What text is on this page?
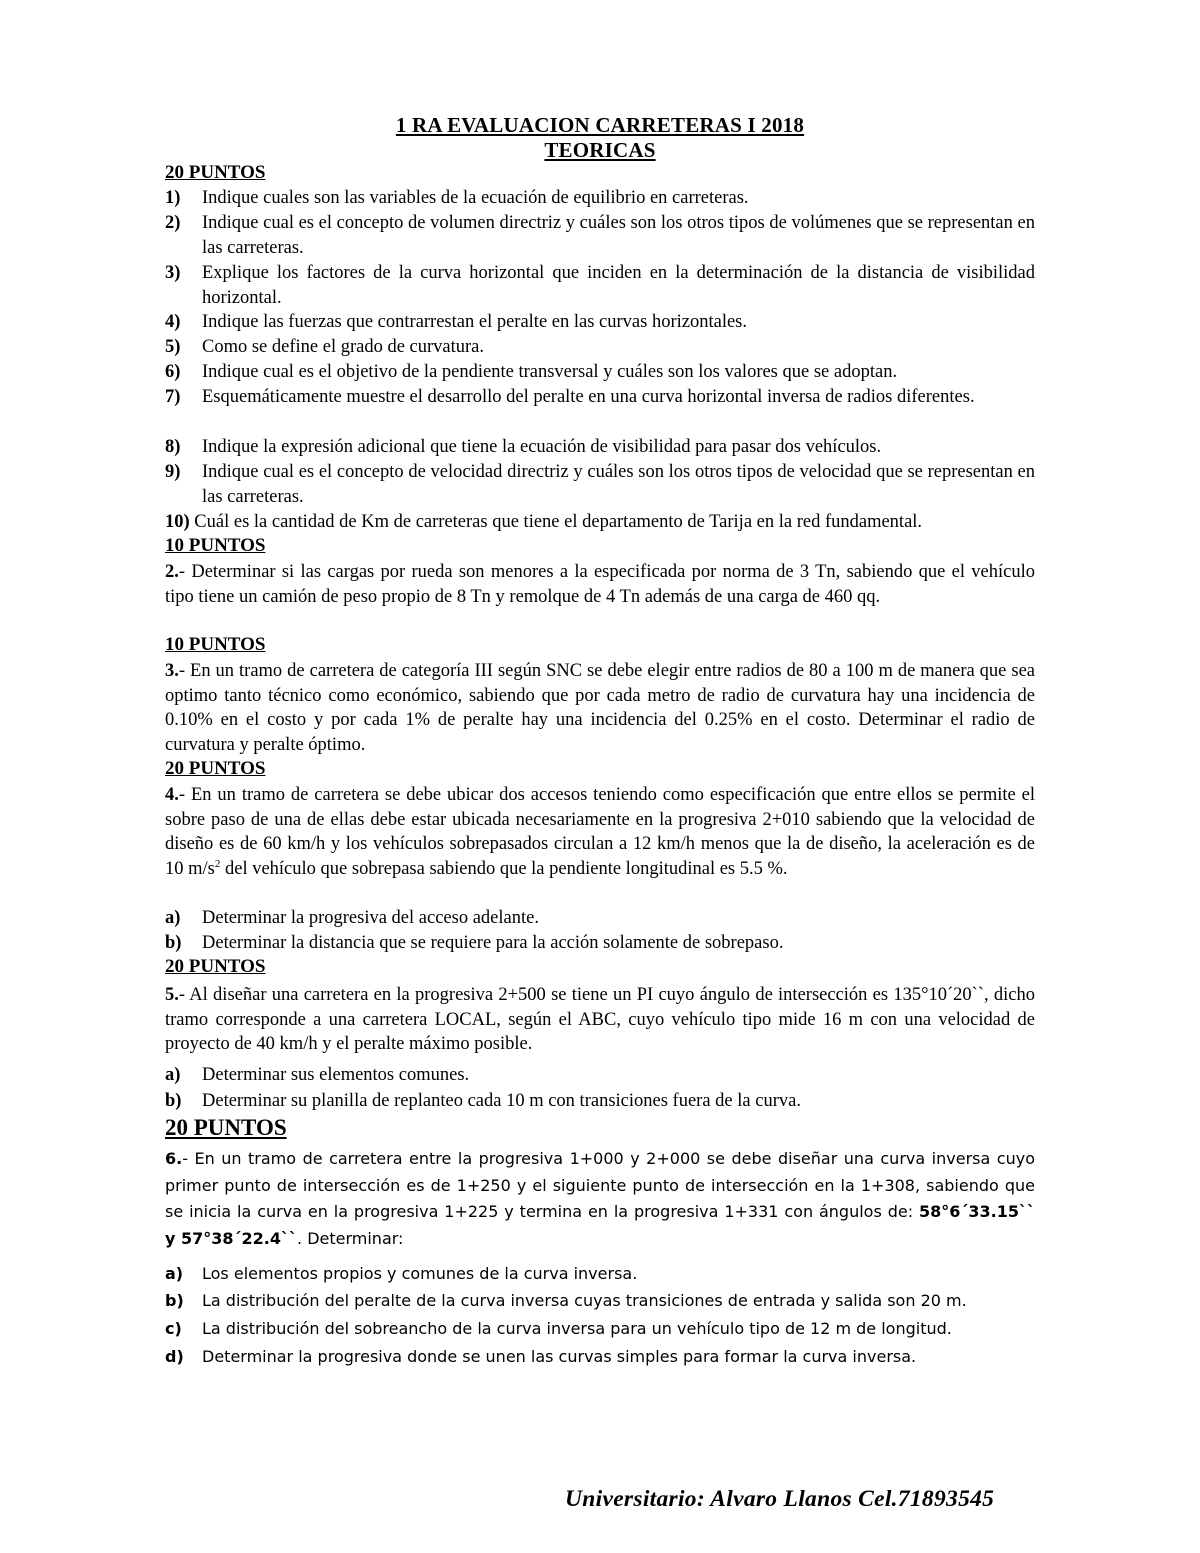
1 RA EVALUACION CARRETERAS I 2018
TEORICAS
20 PUNTOS
1) Indique cuales son las variables de la ecuación de equilibrio en carreteras.
2) Indique cual es el concepto de volumen directriz y cuáles son los otros tipos de volúmenes que se representan en las carreteras.
3) Explique los factores de la curva horizontal que inciden en la determinación de la distancia de visibilidad horizontal.
4) Indique las fuerzas que contrarrestan el peralte en las curvas horizontales.
5) Como se define el grado de curvatura.
6) Indique cual es el objetivo de la pendiente transversal y cuáles son los valores que se adoptan.
7) Esquemáticamente muestre el desarrollo del peralte en una curva horizontal inversa de radios diferentes.
8) Indique la expresión adicional que tiene la ecuación de visibilidad para pasar dos vehículos.
9) Indique cual es el concepto de velocidad directriz y cuáles son los otros tipos de velocidad que se representan en las carreteras.
10) Cuál es la cantidad de Km de carreteras que tiene el departamento de Tarija en la red fundamental.
10 PUNTOS
2.- Determinar si las cargas por rueda son menores a la especificada por norma de 3 Tn, sabiendo que el vehículo tipo tiene un camión de peso propio de 8 Tn y remolque de 4 Tn además de una carga de 460 qq.
10 PUNTOS
3.- En un tramo de carretera de categoría III según SNC se debe elegir entre radios de 80 a 100 m de manera que sea optimo tanto técnico como económico, sabiendo que por cada metro de radio de curvatura hay una incidencia de 0.10% en el costo y por cada 1% de peralte hay una incidencia del 0.25% en el costo. Determinar el radio de curvatura y peralte óptimo.
20 PUNTOS
4.- En un tramo de carretera se debe ubicar dos accesos teniendo como especificación que entre ellos se permite el sobre paso de una de ellas debe estar ubicada necesariamente en la progresiva 2+010 sabiendo que la velocidad de diseño es de 60 km/h y los vehículos sobrepasados circulan a 12 km/h menos que la de diseño, la aceleración es de 10 $m/s^2$ del vehículo que sobrepasa sabiendo que la pendiente longitudinal es 5.5 %.
a) Determinar la progresiva del acceso adelante.
b) Determinar la distancia que se requiere para la acción solamente de sobrepaso.
20 PUNTOS
5.- Al diseñar una carretera en la progresiva 2+500 se tiene un PI cuyo ángulo de intersección es 135°10´20``, dicho tramo corresponde a una carretera LOCAL, según el ABC, cuyo vehículo tipo mide 16 m con una velocidad de proyecto de 40 km/h y el peralte máximo posible.
a) Determinar sus elementos comunes.
b) Determinar su planilla de replanteo cada 10 m con transiciones fuera de la curva.
20 PUNTOS
6.- En un tramo de carretera entre la progresiva 1+000 y 2+000 se debe diseñar una curva inversa cuyo primer punto de intersección es de 1+250 y el siguiente punto de intersección en la 1+308, sabiendo que se inicia la curva en la progresiva 1+225 y termina en la progresiva 1+331 con ángulos de: 58°6´33.15`` y 57°38´22.4``. Determinar:
a) Los elementos propios y comunes de la curva inversa.
b) La distribución del peralte de la curva inversa cuyas transiciones de entrada y salida son 20 m.
c) La distribución del sobreancho de la curva inversa para un vehículo tipo de 12 m de longitud.
d) Determinar la progresiva donde se unen las curvas simples para formar la curva inversa.
Universitario: Alvaro Llanos Cel.71893545
